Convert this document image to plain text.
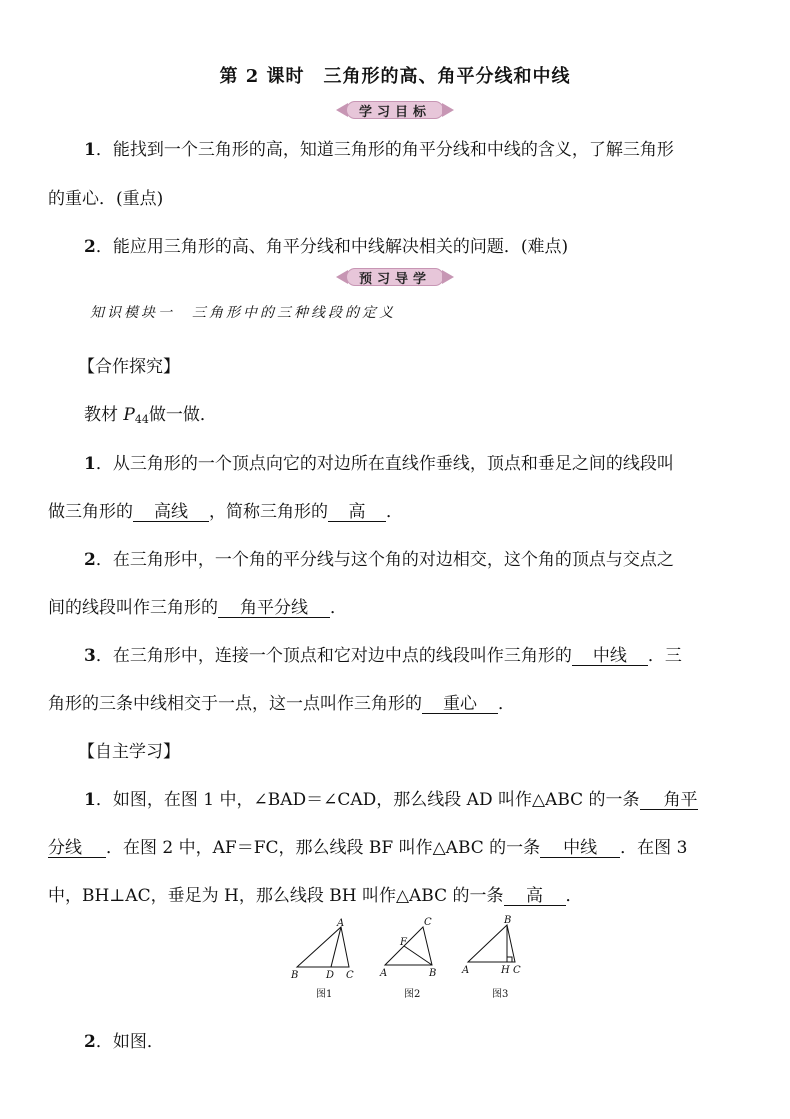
第 2 课时　三角形的高、角平分线和中线
学习目标
1．能找到一个三角形的高，知道三角形的角平分线和中线的含义，了解三角形
的重心．(重点)
2．能应用三角形的高、角平分线和中线解决相关的问题．(难点)
预习导学
知识模块一　三角形中的三种线段的定义
【合作探究】
教材 $P_{44}$做一做．
1．从三角形的一个顶点向它的对边所在直线作垂线，顶点和垂足之间的线段叫
做三角形的 高线 ，简称三角形的 高 ．
2．在三角形中，一个角的平分线与这个角的对边相交，这个角的顶点与交点之
间的线段叫作三角形的 角平分线 ．
3．在三角形中，连接一个顶点和它对边中点的线段叫作三角形的 中线 ．三
角形的三条中线相交于一点，这一点叫作三角形的 重心 ．
【自主学习】
1．如图，在图 1 中，∠BAD＝∠CAD，那么线段 AD 叫作△ABC 的一条 角平
分线 ．在图 2 中，AF＝FC，那么线段 BF 叫作△ABC 的一条 中线 ．在图 3
中，BH⊥AC，垂足为 H，那么线段 BH 叫作△ABC 的一条 高 ．
A
B	D C
图1
C
F
A	B
图2
B
A	H C
图3
2．如图．
